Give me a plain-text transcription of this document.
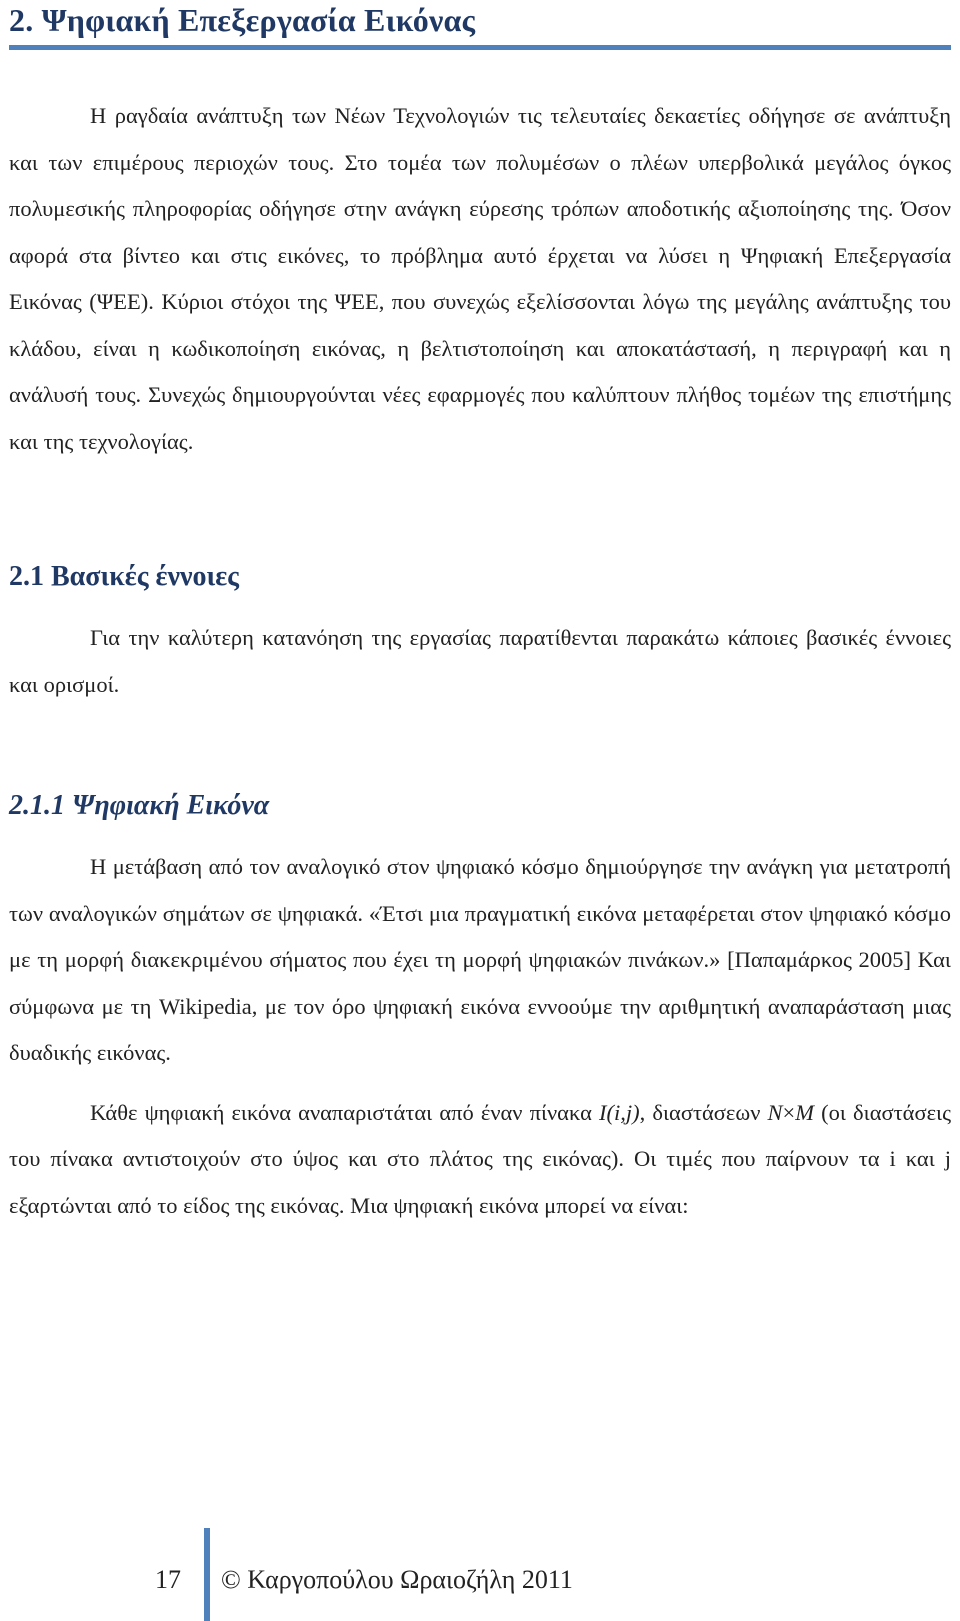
2. Ψηφιακή Επεξεργασία Εικόνας

Η ραγδαία ανάπτυξη των Νέων Τεχνολογιών τις τελευταίες δεκαετίες οδήγησε σε ανάπτυξη και των επιμέρους περιοχών τους. Στο τομέα των πολυμέσων ο πλέων υπερβολικά μεγάλος όγκος πολυμεσικής πληροφορίας οδήγησε στην ανάγκη εύρεσης τρόπων αποδοτικής αξιοποίησης της. Όσον αφορά στα βίντεο και στις εικόνες, το πρόβλημα αυτό έρχεται να λύσει η Ψηφιακή Επεξεργασία Εικόνας (ΨΕΕ). Κύριοι στόχοι της ΨΕΕ, που συνεχώς εξελίσσονται λόγω της μεγάλης ανάπτυξης του κλάδου, είναι η κωδικοποίηση εικόνας, η βελτιστοποίηση και αποκατάστασή, η περιγραφή και η ανάλυσή τους. Συνεχώς δημιουργούνται νέες εφαρμογές που καλύπτουν πλήθος τομέων της επιστήμης και της τεχνολογίας.

2.1 Βασικές έννοιες

Για την καλύτερη κατανόηση της εργασίας παρατίθενται παρακάτω κάποιες βασικές έννοιες και ορισμοί.

2.1.1 Ψηφιακή Εικόνα

Η μετάβαση από τον αναλογικό στον ψηφιακό κόσμο δημιούργησε την ανάγκη για μετατροπή των αναλογικών σημάτων σε ψηφιακά. «Έτσι μια πραγματική εικόνα μεταφέρεται στον ψηφιακό κόσμο με τη μορφή διακεκριμένου σήματος που έχει τη μορφή ψηφιακών πινάκων.» [Παπαμάρκος 2005] Και σύμφωνα με τη Wikipedia, με τον όρο ψηφιακή εικόνα εννοούμε την αριθμητική αναπαράσταση μιας δυαδικής εικόνας.

Κάθε ψηφιακή εικόνα αναπαριστάται από έναν πίνακα I(i,j), διαστάσεων N×M (οι διαστάσεις του πίνακα αντιστοιχούν στο ύψος και στο πλάτος της εικόνας). Οι τιμές που παίρνουν τα i και j εξαρτώνται από το είδος της εικόνας. Μια ψηφιακή εικόνα μπορεί να είναι:

17 © Καργοπούλου Ωραιοζήλη 2011
